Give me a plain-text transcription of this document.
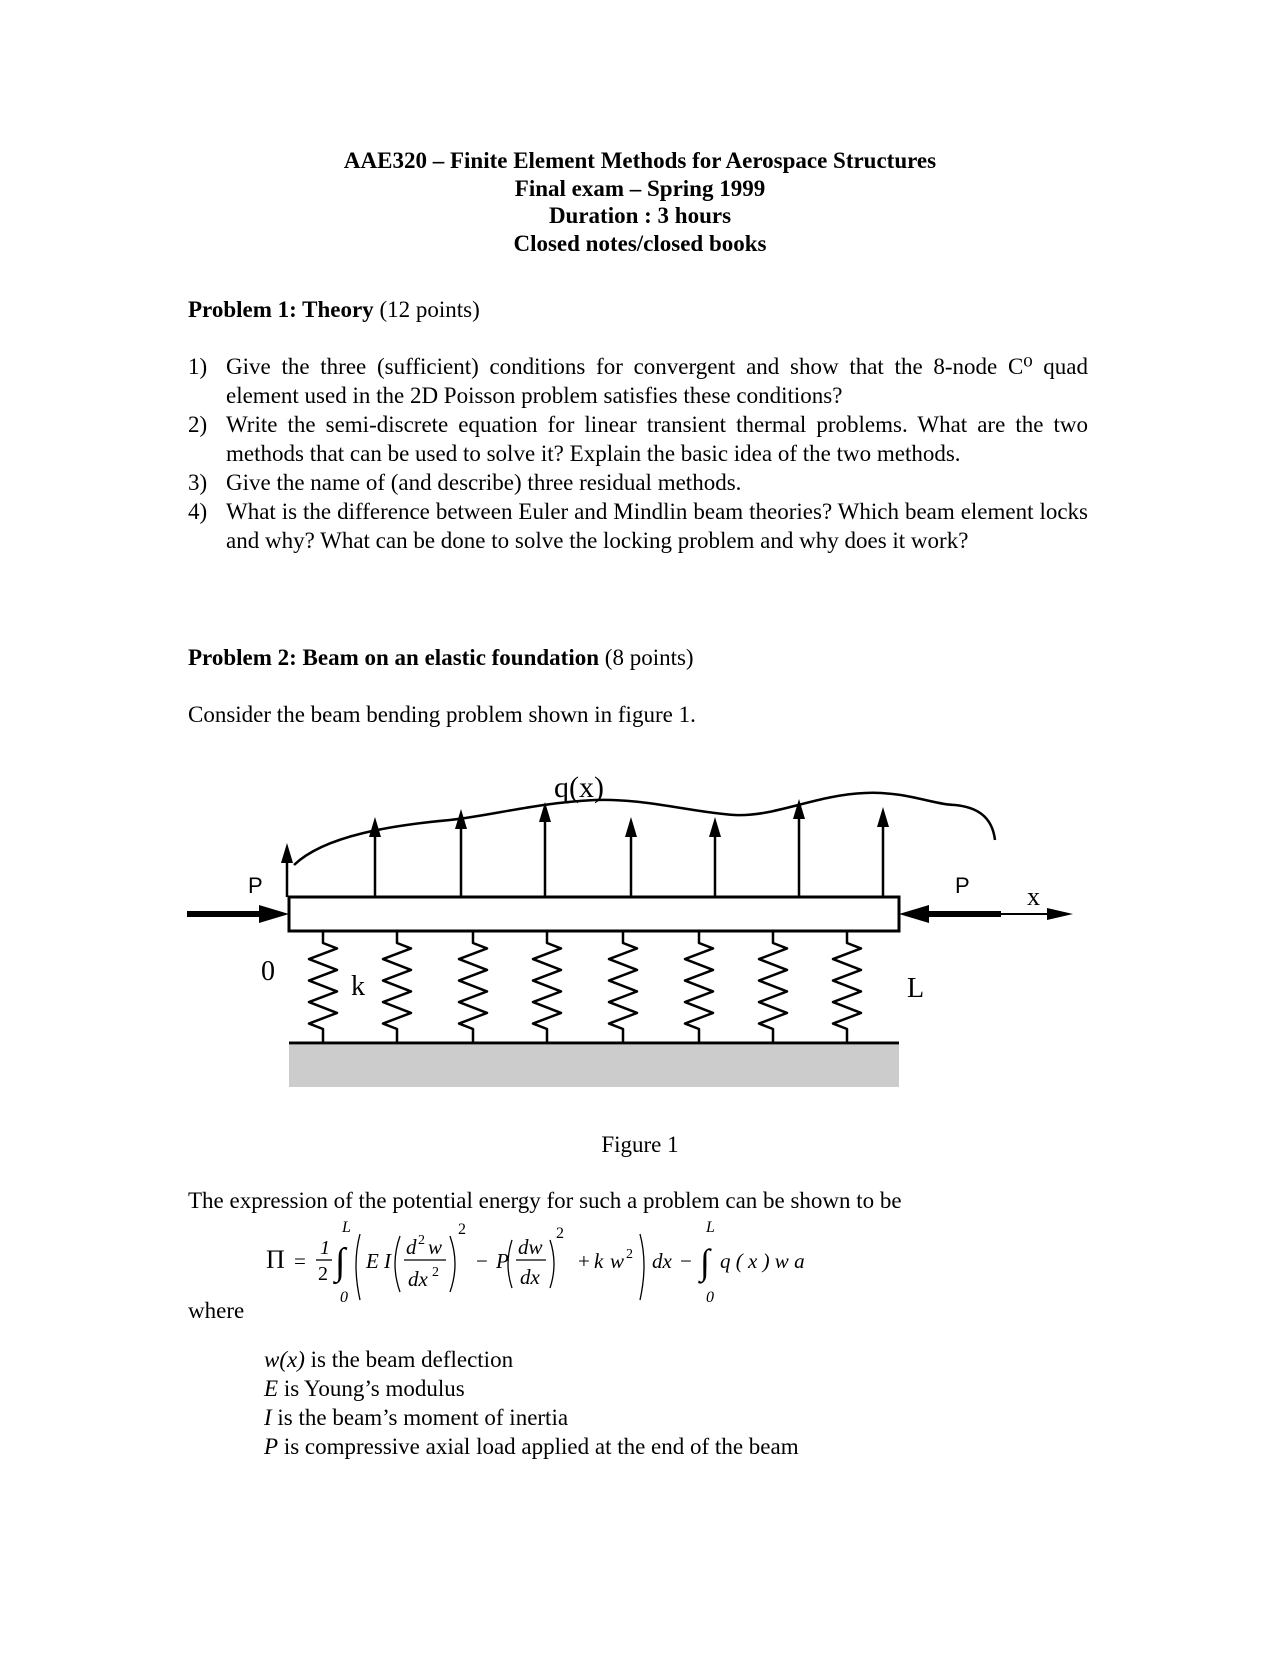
AAE320 – Finite Element Methods for Aerospace Structures
Final exam – Spring 1999
Duration : 3 hours
Closed notes/closed books
Problem 1: Theory (12 points)
1) Give the three (sufficient) conditions for convergent and show that the 8-node C⁰ quad element used in the 2D Poisson problem satisfies these conditions?
2) Write the semi-discrete equation for linear transient thermal problems. What are the two methods that can be used to solve it? Explain the basic idea of the two methods.
3) Give the name of (and describe) three residual methods.
4) What is the difference between Euler and Mindlin beam theories? Which beam element locks and why? What can be done to solve the locking problem and why does it work?
Problem 2: Beam on an elastic foundation (8 points)
Consider the beam bending problem shown in figure 1.
q(x)
P	P x
0	k	L
Figure 1
The expression of the potential energy for such a problem can be shown to be
Π =
1
2 ∫
L
0
E I
d 2 w
dx 2
2
− P
dw
dx
2
+ k w 2 dx − ∫
L
0
q ( x ) w a
where
w(x) is the beam deflection
E is Young’s modulus
I is the beam’s moment of inertia
P is compressive axial load applied at the end of the beam
